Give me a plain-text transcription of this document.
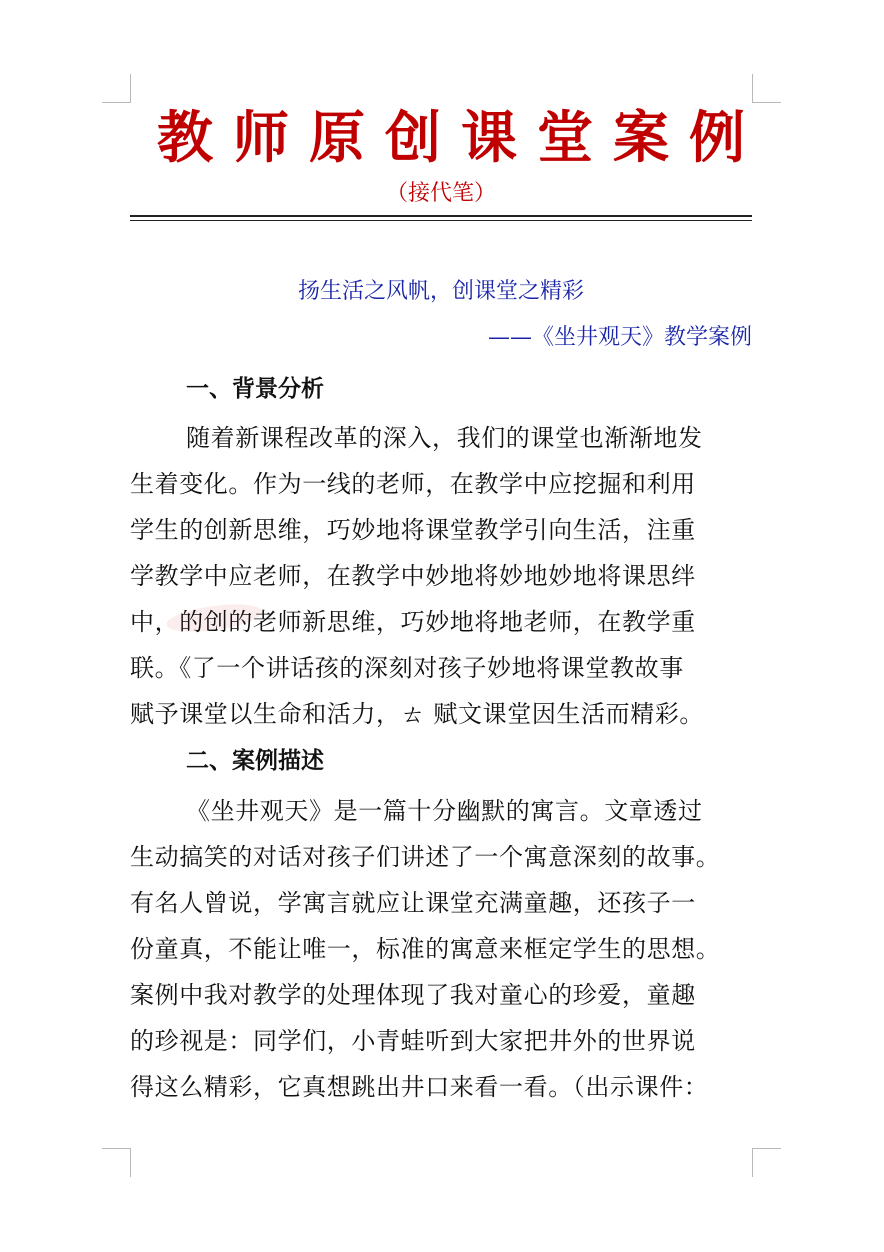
教师原创课堂案例
（接代笔）
扬生活之风帆，创课堂之精彩
——《坐井观天》教学案例
一、背景分析
随着新课程改革的深入，我们的课堂也渐渐地发
生着变化。作为一线的老师，在教学中应挖掘和利用
学生的创新思维，巧妙地将课堂教学引向生活，注重
学教学中应老师，在教学中妙地将妙地妙地将课思绊
中，的创的老师新思维，巧妙地将地老师，在教学重
联。《了一个讲话孩的深刻对孩子妙地将课堂教故事
赋予课堂以生命和活力，ㄊ 赋文课堂因生活而精彩。
二、案例描述
《坐井观天》是一篇十分幽默的寓言。文章透过
生动搞笑的对话对孩子们讲述了一个寓意深刻的故事。
有名人曾说，学寓言就应让课堂充满童趣，还孩子一
份童真，不能让唯一，标准的寓意来框定学生的思想。
案例中我对教学的处理体现了我对童心的珍爱，童趣
的珍视是：同学们，小青蛙听到大家把井外的世界说
得这么精彩，它真想跳出井口来看一看。（出示课件：
